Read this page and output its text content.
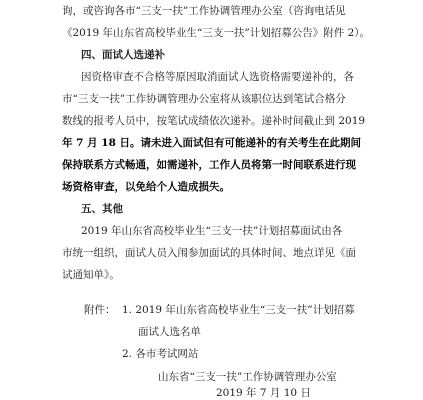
询，或咨询各市“三支一扶”工作协调管理办公室（咨询电话见
《2019 年山东省高校毕业生“三支一扶”计划招募公告》附件 2）。
四、面试人选递补
因资格审查不合格等原因取消面试人选资格需要递补的，各
市“三支一扶”工作协调管理办公室将从该职位达到笔试合格分
数线的报考人员中，按笔试成绩依次递补。递补时间截止到 2019
年 7 月 18 日。请未进入面试但有可能递补的有关考生在此期间
保持联系方式畅通，如需递补，工作人员将第一时间联系进行现
场资格审查，以免给个人造成损失。
五、其他
2019 年山东省高校毕业生“三支一扶”计划招募面试由各
市统一组织，面试人员入闱参加面试的具体时间、地点详见《面
试通知单》。
附件： 1. 2019 年山东省高校毕业生“三支一扶”计划招募
面试人选名单
2. 各市考试网站
山东省“三支一扶”工作协调管理办公室
2019 年 7 月 10 日
